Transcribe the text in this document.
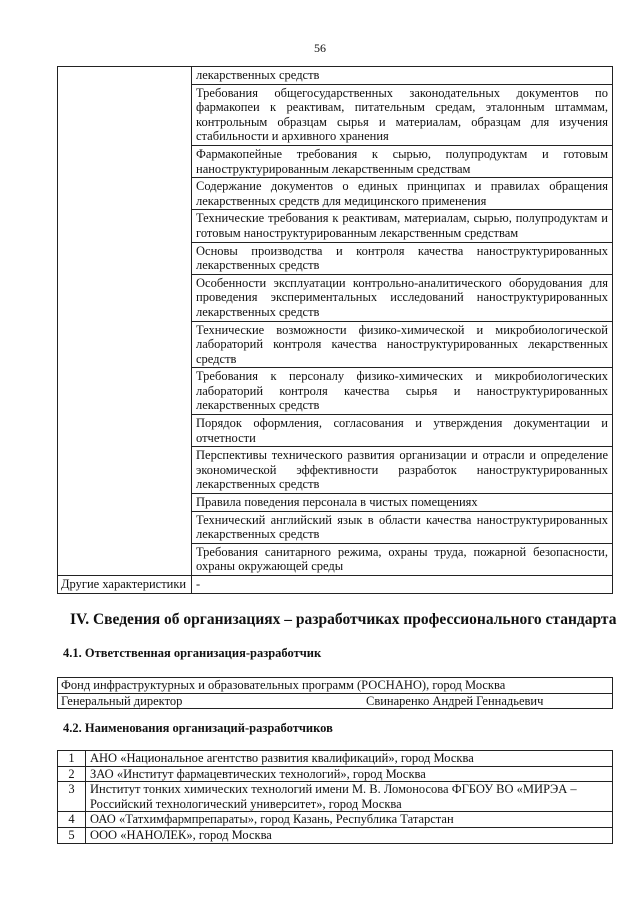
56
	лекарственных средств
	Требования общегосударственных законодательных документов по фармакопеи к реактивам, питательным средам, эталонным штаммам, контрольным образцам сырья и материалам, образцам для изучения стабильности и архивного хранения
	Фармакопейные требования к сырью, полупродуктам и готовым наноструктурированным лекарственным средствам
	Содержание документов о единых принципах и правилах обращения лекарственных средств для медицинского применения
	Технические требования к реактивам, материалам, сырью, полупродуктам и готовым наноструктурированным лекарственным средствам
	Основы производства и контроля качества наноструктурированных лекарственных средств
	Особенности эксплуатации контрольно-аналитического оборудования для проведения экспериментальных исследований наноструктурированных лекарственных средств
	Технические возможности физико-химической и микробиологической лабораторий контроля качества наноструктурированных лекарственных средств
	Требования к персоналу физико-химических и микробиологических лабораторий контроля качества сырья и наноструктурированных лекарственных средств
	Порядок оформления, согласования и утверждения документации и отчетности
	Перспективы технического развития организации и отрасли и определение экономической эффективности разработок наноструктурированных лекарственных средств
	Правила поведения персонала в чистых помещениях
	Технический английский язык в области качества наноструктурированных лекарственных средств
	Требования санитарного режима, охраны труда, пожарной безопасности, охраны окружающей среды
Другие характеристики	-
IV. Сведения об организациях – разработчиках профессионального стандарта
4.1. Ответственная организация-разработчик
Фонд инфраструктурных и образовательных программ (РОСНАНО), город Москва

Генеральный директор	Свинаренко Андрей Геннадьевич
4.2. Наименования организаций-разработчиков
1	АНО «Национальное агентство развития квалификаций», город Москва
2	ЗАО «Институт фармацевтических технологий», город Москва
3	Институт тонких химических технологий имени М. В. Ломоносова ФГБОУ ВО «МИРЭА – Российский технологический университет», город Москва
4	ОАО «Татхимфармпрепараты», город Казань, Республика Татарстан
5	ООО «НАНОЛЕК», город Москва
